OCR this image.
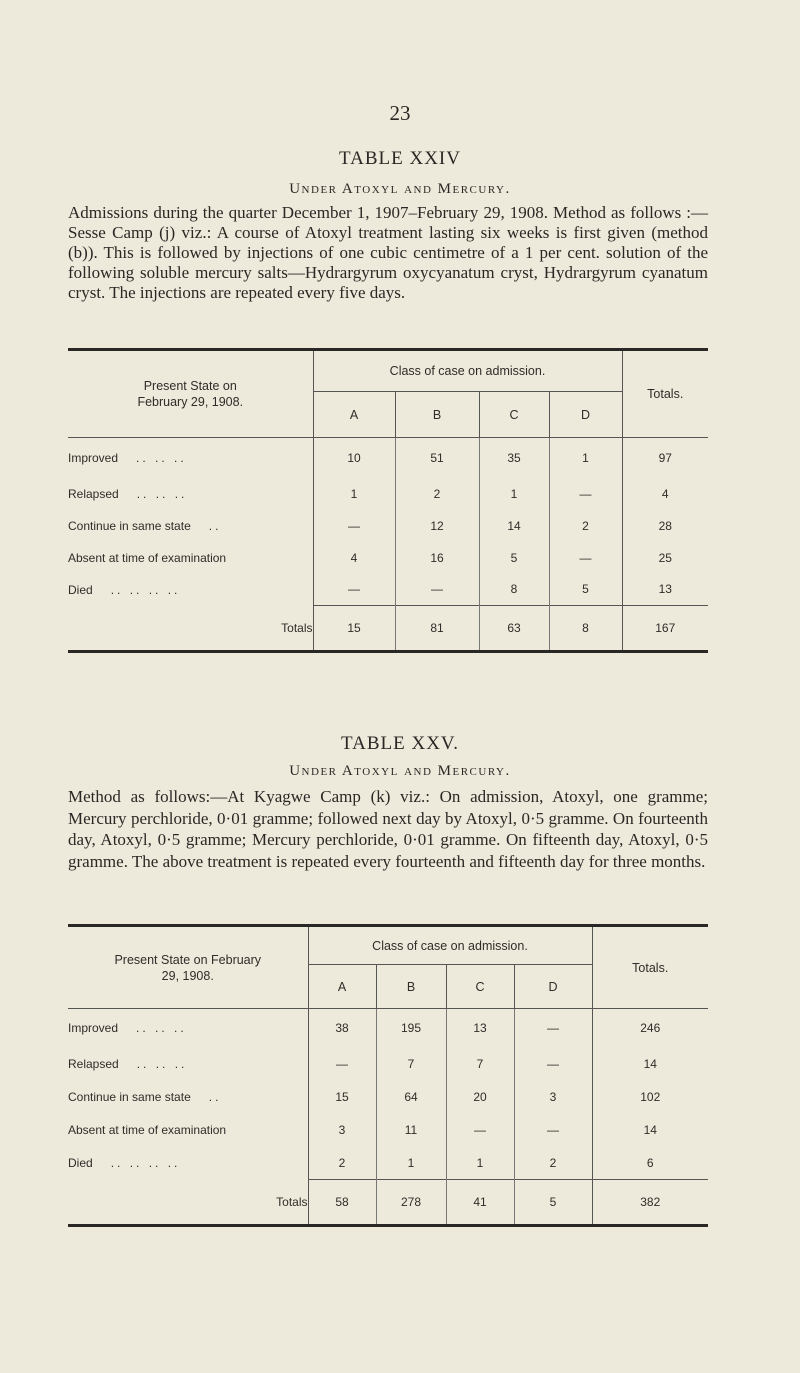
23
TABLE XXIV
Under Atoxyl and Mercury.
Admissions during the quarter December 1, 1907–February 29, 1908. Method as follows :—Sesse Camp (j) viz.: A course of Atoxyl treatment lasting six weeks is first given (method (b)). This is followed by injections of one cubic centimetre of a 1 per cent. solution of the following soluble mercury salts—Hydrargyrum oxycyanatum cryst, Hydrargyrum cyanatum cryst. The injections are repeated every five days.
Present State on
February 29, 1908.	Class of case on admission.				Totals.
	A	B	C	D	
Improved .. .. ..	10	51	35	1	97
Relapsed .. .. ..	1	2	1	—	4
Continue in same state ..	—	12	14	2	28
Absent at time of examination	4	16	5	—	25
Died .. .. .. ..	—	—	8	5	13
Totals	15	81	63	8	167
TABLE XXV.
Under Atoxyl and Mercury.
Method as follows:—At Kyagwe Camp (k) viz.: On admission, Atoxyl, one gramme; Mercury perchloride, 0·01 gramme; followed next day by Atoxyl, 0·5 gramme. On fourteenth day, Atoxyl, 0·5 gramme; Mercury perchloride, 0·01 gramme. On fifteenth day, Atoxyl, 0·5 gramme. The above treatment is repeated every fourteenth and fifteenth day for three months.
Present State on February
29, 1908.	Class of case on admission.				Totals.
	A	B	C	D	
Improved .. .. ..	38	195	13	—	246
Relapsed .. .. ..	—	7	7	—	14
Continue in same state ..	15	64	20	3	102
Absent at time of examination	3	11	—	—	14
Died .. .. .. ..	2	1	1	2	6
Totals	58	278	41	5	382
